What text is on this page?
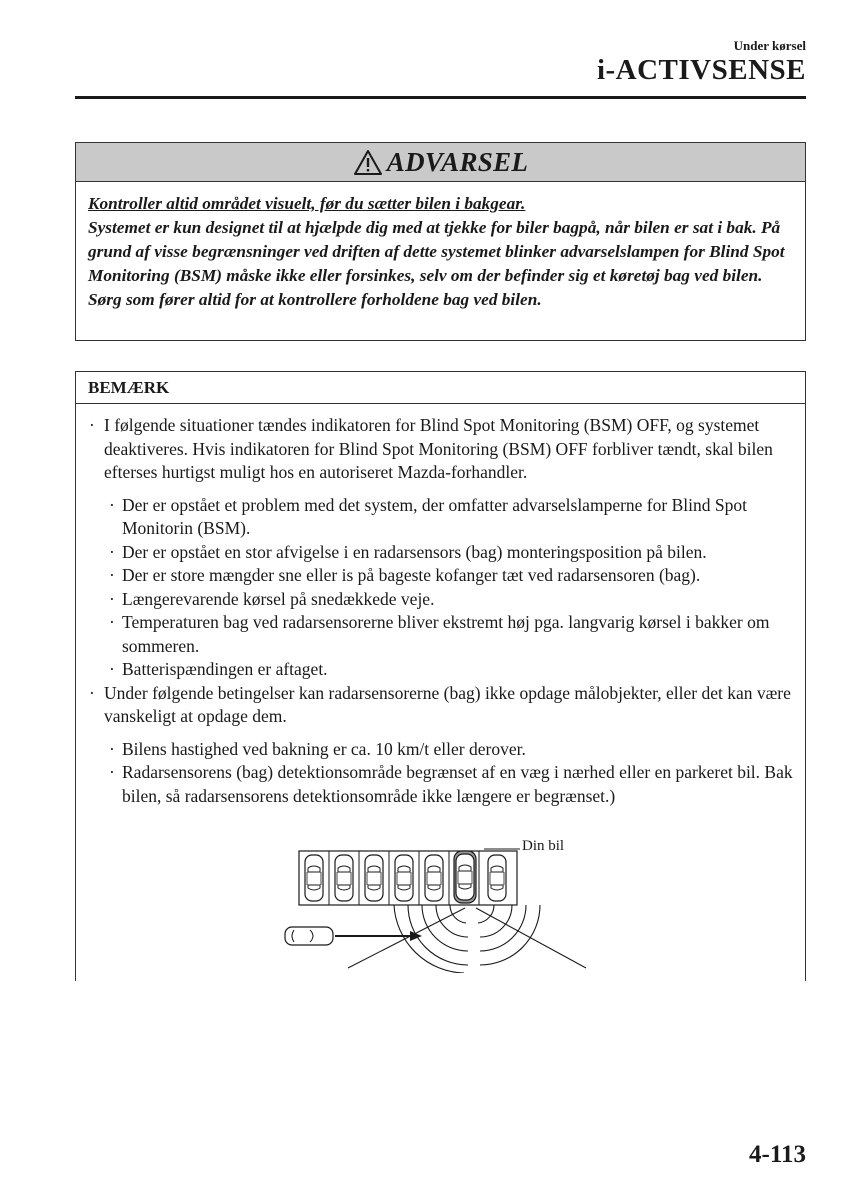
Under kørsel
i-ACTIVSENSE
ADVARSEL
Kontroller altid området visuelt, før du sætter bilen i bakgear.
Systemet er kun designet til at hjælpde dig med at tjekke for biler bagpå, når bilen er sat i bak. På grund af visse begrænsninger ved driften af dette systemet blinker advarselslampen for Blind Spot Monitoring (BSM) måske ikke eller forsinkes, selv om der befinder sig et køretøj bag ved bilen. Sørg som fører altid for at kontrollere forholdene bag ved bilen.
BEMÆRK
· I følgende situationer tændes indikatoren for Blind Spot Monitoring (BSM) OFF, og systemet deaktiveres. Hvis indikatoren for Blind Spot Monitoring (BSM) OFF forbliver tændt, skal bilen efterses hurtigst muligt hos en autoriseret Mazda-forhandler.
· Der er opstået et problem med det system, der omfatter advarselslamperne for Blind Spot Monitorin (BSM).
· Der er opstået en stor afvigelse i en radarsensors (bag) monteringsposition på bilen.
· Der er store mængder sne eller is på bageste kofanger tæt ved radarsensoren (bag).
· Længerevarende kørsel på snedækkede veje.
· Temperaturen bag ved radarsensorerne bliver ekstremt høj pga. langvarig kørsel i bakker om sommeren.
· Batterispændingen er aftaget.
· Under følgende betingelser kan radarsensorerne (bag) ikke opdage målobjekter, eller det kan være vanskeligt at opdage dem.
· Bilens hastighed ved bakning er ca. 10 km/t eller derover.
· Radarsensorens (bag) detektionsområde begrænset af en væg i nærhed eller en parkeret bil. Bak bilen, så radarsensorens detektionsområde ikke længere er begrænset.)
Din bil
4-113
